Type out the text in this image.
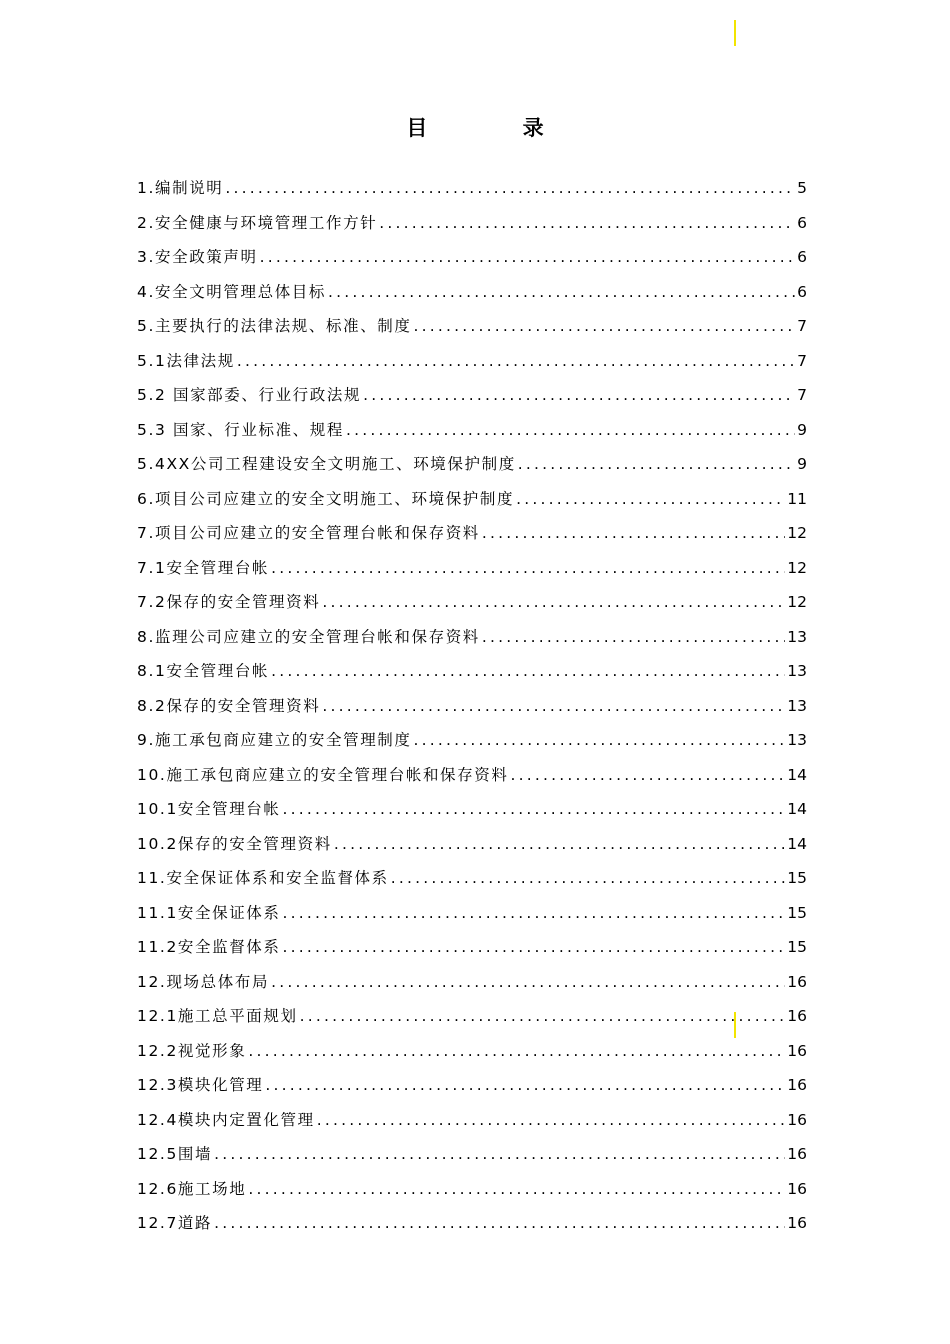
目 录
1.编制说明 .....	5
2.安全健康与环境管理工作方针 .....	6
3.安全政策声明 .....	6
4.安全文明管理总体目标 .....	6
5.主要执行的法律法规、标准、制度 .....	7
5.1法律法规 .....	7
5.2 国家部委、行业行政法规 .....	7
5.3 国家、行业标准、规程 .....	9
5.4XX公司工程建设安全文明施工、环境保护制度 .....	9
6.项目公司应建立的安全文明施工、环境保护制度 .....	11
7.项目公司应建立的安全管理台帐和保存资料 .....	12
7.1安全管理台帐 .....	12
7.2保存的安全管理资料 .....	12
8.监理公司应建立的安全管理台帐和保存资料 .....	13
8.1安全管理台帐 .....	13
8.2保存的安全管理资料 .....	13
9.施工承包商应建立的安全管理制度 .....	13
10.施工承包商应建立的安全管理台帐和保存资料 .....	14
10.1安全管理台帐 .....	14
10.2保存的安全管理资料 .....	14
11.安全保证体系和安全监督体系 .....	15
11.1安全保证体系 .....	15
11.2安全监督体系 .....	15
12.现场总体布局 .....	16
12.1施工总平面规划 .....	16
12.2视觉形象 .....	16
12.3模块化管理 .....	16
12.4模块内定置化管理 .....	16
12.5围墙 .....	16
12.6施工场地 .....	16
12.7道路 .....	16
